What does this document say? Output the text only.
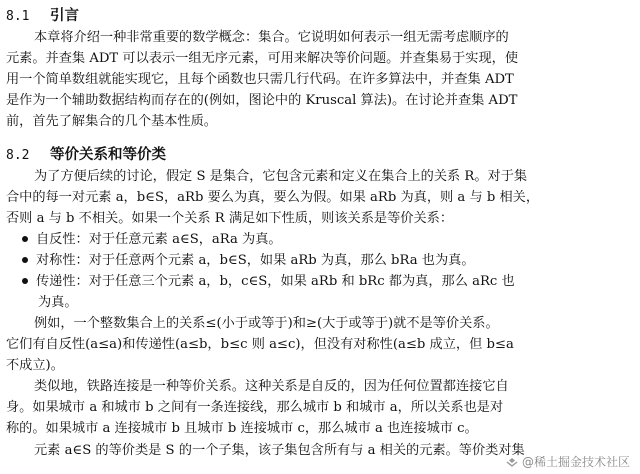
8.1 引言
本章将介绍一种非常重要的数学概念：集合。它说明如何表示一组无需考虑顺序的
元素。并查集 ADT 可以表示一组无序元素，可用来解决等价问题。并查集易于实现，使
用一个简单数组就能实现它，且每个函数也只需几行代码。在许多算法中，并查集 ADT
是作为一个辅助数据结构而存在的(例如，图论中的 Kruscal 算法)。在讨论并查集 ADT
前，首先了解集合的几个基本性质。
8.2 等价关系和等价类
为了方便后续的讨论，假定 S 是集合，它包含元素和定义在集合上的关系 R。对于集
合中的每一对元素 a，b∈S，aRb 要么为真，要么为假。如果 aRb 为真，则 a 与 b 相关，
否则 a 与 b 不相关。如果一个关系 R 满足如下性质，则该关系是等价关系：
自反性：对于任意元素 a∈S，aRa 为真。
对称性：对于任意两个元素 a，b∈S，如果 aRb 为真，那么 bRa 也为真。
传递性：对于任意三个元素 a，b，c∈S，如果 aRb 和 bRc 都为真，那么 aRc 也
为真。
例如，一个整数集合上的关系≤(小于或等于)和≥(大于或等于)就不是等价关系。
它们有自反性(a≤a)和传递性(a≤b，b≤c 则 a≤c)，但没有对称性(a≤b 成立，但 b≤a
不成立)。
类似地，铁路连接是一种等价关系。这种关系是自反的，因为任何位置都连接它自
身。如果城市 a 和城市 b 之间有一条连接线，那么城市 b 和城市 a，所以关系也是对
称的。如果城市 a 连接城市 b 且城市 b 连接城市 c，那么城市 a 也连接城市 c。
元素 a∈S 的等价类是 S 的一个子集，该子集包含所有与 a 相关的元素。等价类对集
@稀土掘金技术社区
